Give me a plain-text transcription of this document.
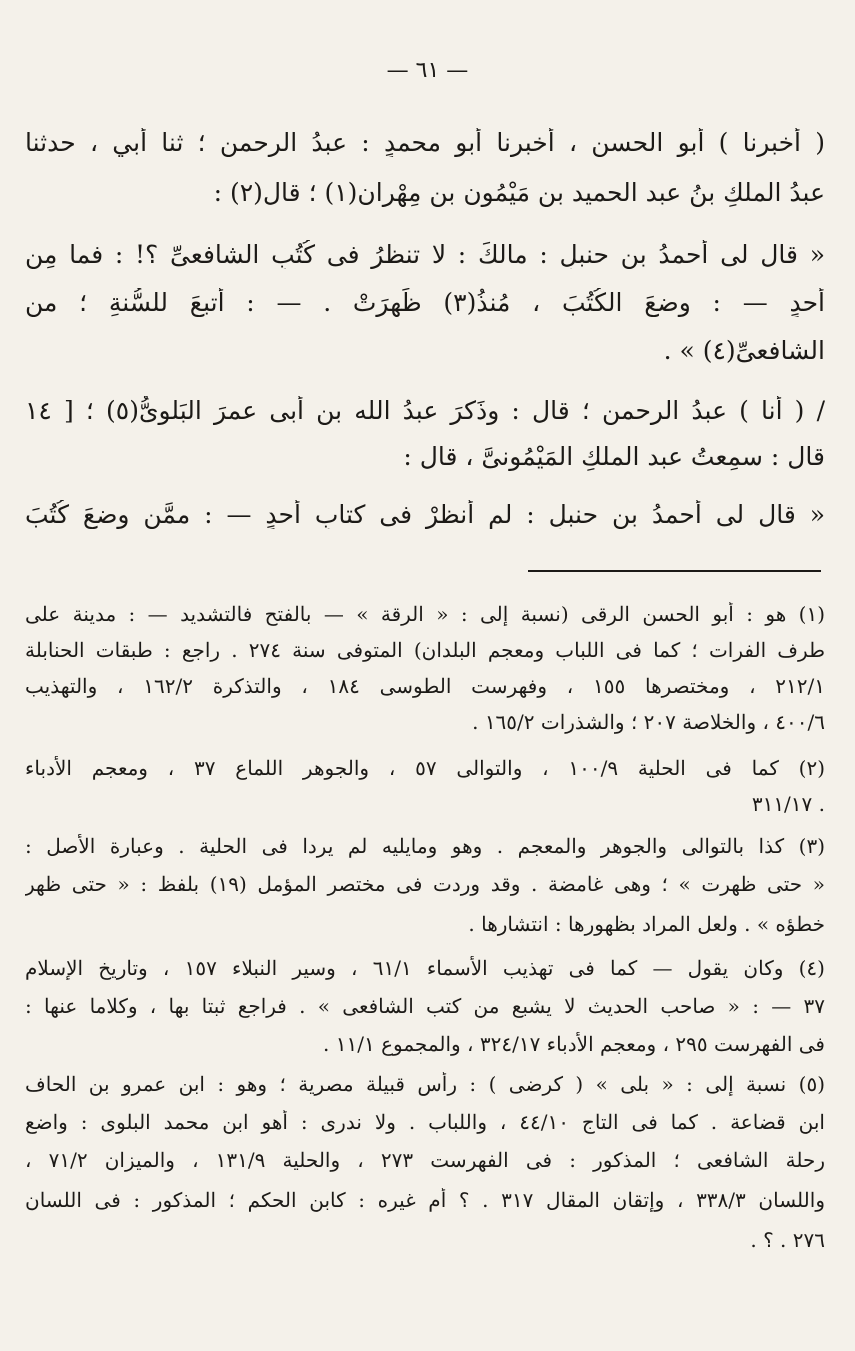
— ٦١ —
( أخبرنا ) أبو الحسنِ ، أخبرنا أبو محمدٍ : عبدُ الرحمن ؛ ثنا أبي ، حدثنا
عبدُ الملكِ بنُ عبد الحميد بنِ مَيْمُونِ بن مِهْران(١) ؛ قال(٢) :
« قال لى أحمدُ بن حنبلٍ : مالكَ : لا تنظرُ فى كُتُبِ الشافعىِّ ؟! : فما مِن
أحدٍ — : وضعَ الكُتُبَ ، مُنذُ(٣) ظَهرَتْ . — : أتبعَ للسُّنةِ ؛ من
الشافعىِّ(٤) » .
/ ( أنا ) عبدُ الرحمن ؛ قال : وذَكرَ عبدُ الله بن أبى عمرَ البَلوىُّ(٥) ؛ [ ١٤
قال : سمِعتُ عبد الملكِ المَيْمُونىَّ ، قال :
« قال لى أحمدُ بن حنبلٍ : لم أنظرْ فى كتابِ أحدٍ — : ممَّن وضعَ كُتُبَ
(١) هو : أبو الحسن الرقى (نسبة إلى : « الرقة » — بالفتح فالتشديد — : مدينة على
طرف الفرات ؛ كما فى اللباب ومعجم البلدان) المتوفى سنة ٢٧٤ . راجع : طبقات الحنابلة
٢١٢/١ ، ومختصرها ١٥٥ ، وفهرست الطوسى ١٨٤ ، والتذكرة ١٦٢/٢ ، والتهذيب
٤٠٠/٦ ، والخلاصة ٢٠٧ ؛ والشذرات ١٦٥/٢ .
(٢) كما فى الحلية ١٠٠/٩ ، والتوالى ٥٧ ، والجوهر اللماع ٣٧ ، ومعجم الأدباء
٣١١/١٧ .
(٣) كذا بالتوالى والجوهر والمعجم . وهو ومايليه لم يردا فى الحلية . وعبارة الأصل :
« حتى ظهرت » ؛ وهى غامضة . وقد وردت فى مختصر المؤمل (١٩) بلفظ : « حتى ظهر
خطؤه » . ولعل المراد بظهورها : انتشارها .
(٤) وكان يقول — كما فى تهذيب الأسماء ٦١/١ ، وسير النبلاء ١٥٧ ، وتاريخ الإسلام
٣٧ — : « صاحب الحديث لا يشبع من كتب الشافعى » . فراجع ثبتا بها ، وكلاما عنها :
فى الفهرست ٢٩٥ ، ومعجم الأدباء ٣٢٤/١٧ ، والمجموع ١١/١ .
(٥) نسبة إلى : « بلى » ( كرضى ) : رأس قبيلة مصرية ؛ وهو : ابن عمرو بن الحاف
ابن قضاعة . كما فى التاج ٤٤/١٠ ، واللباب . ولا ندرى : أهو ابن محمد البلوى : واضع
رحلة الشافعى ؛ المذكور : فى الفهرست ٢٧٣ ، والحلية ١٣١/٩ ، والميزان ٧١/٢ ،
واللسان ٣٣٨/٣ ، وإتقان المقال ٣١٧ . ؟ أم غيره : كابن الحكم ؛ المذكور : فى اللسان
٢٧٦ . ؟ .
